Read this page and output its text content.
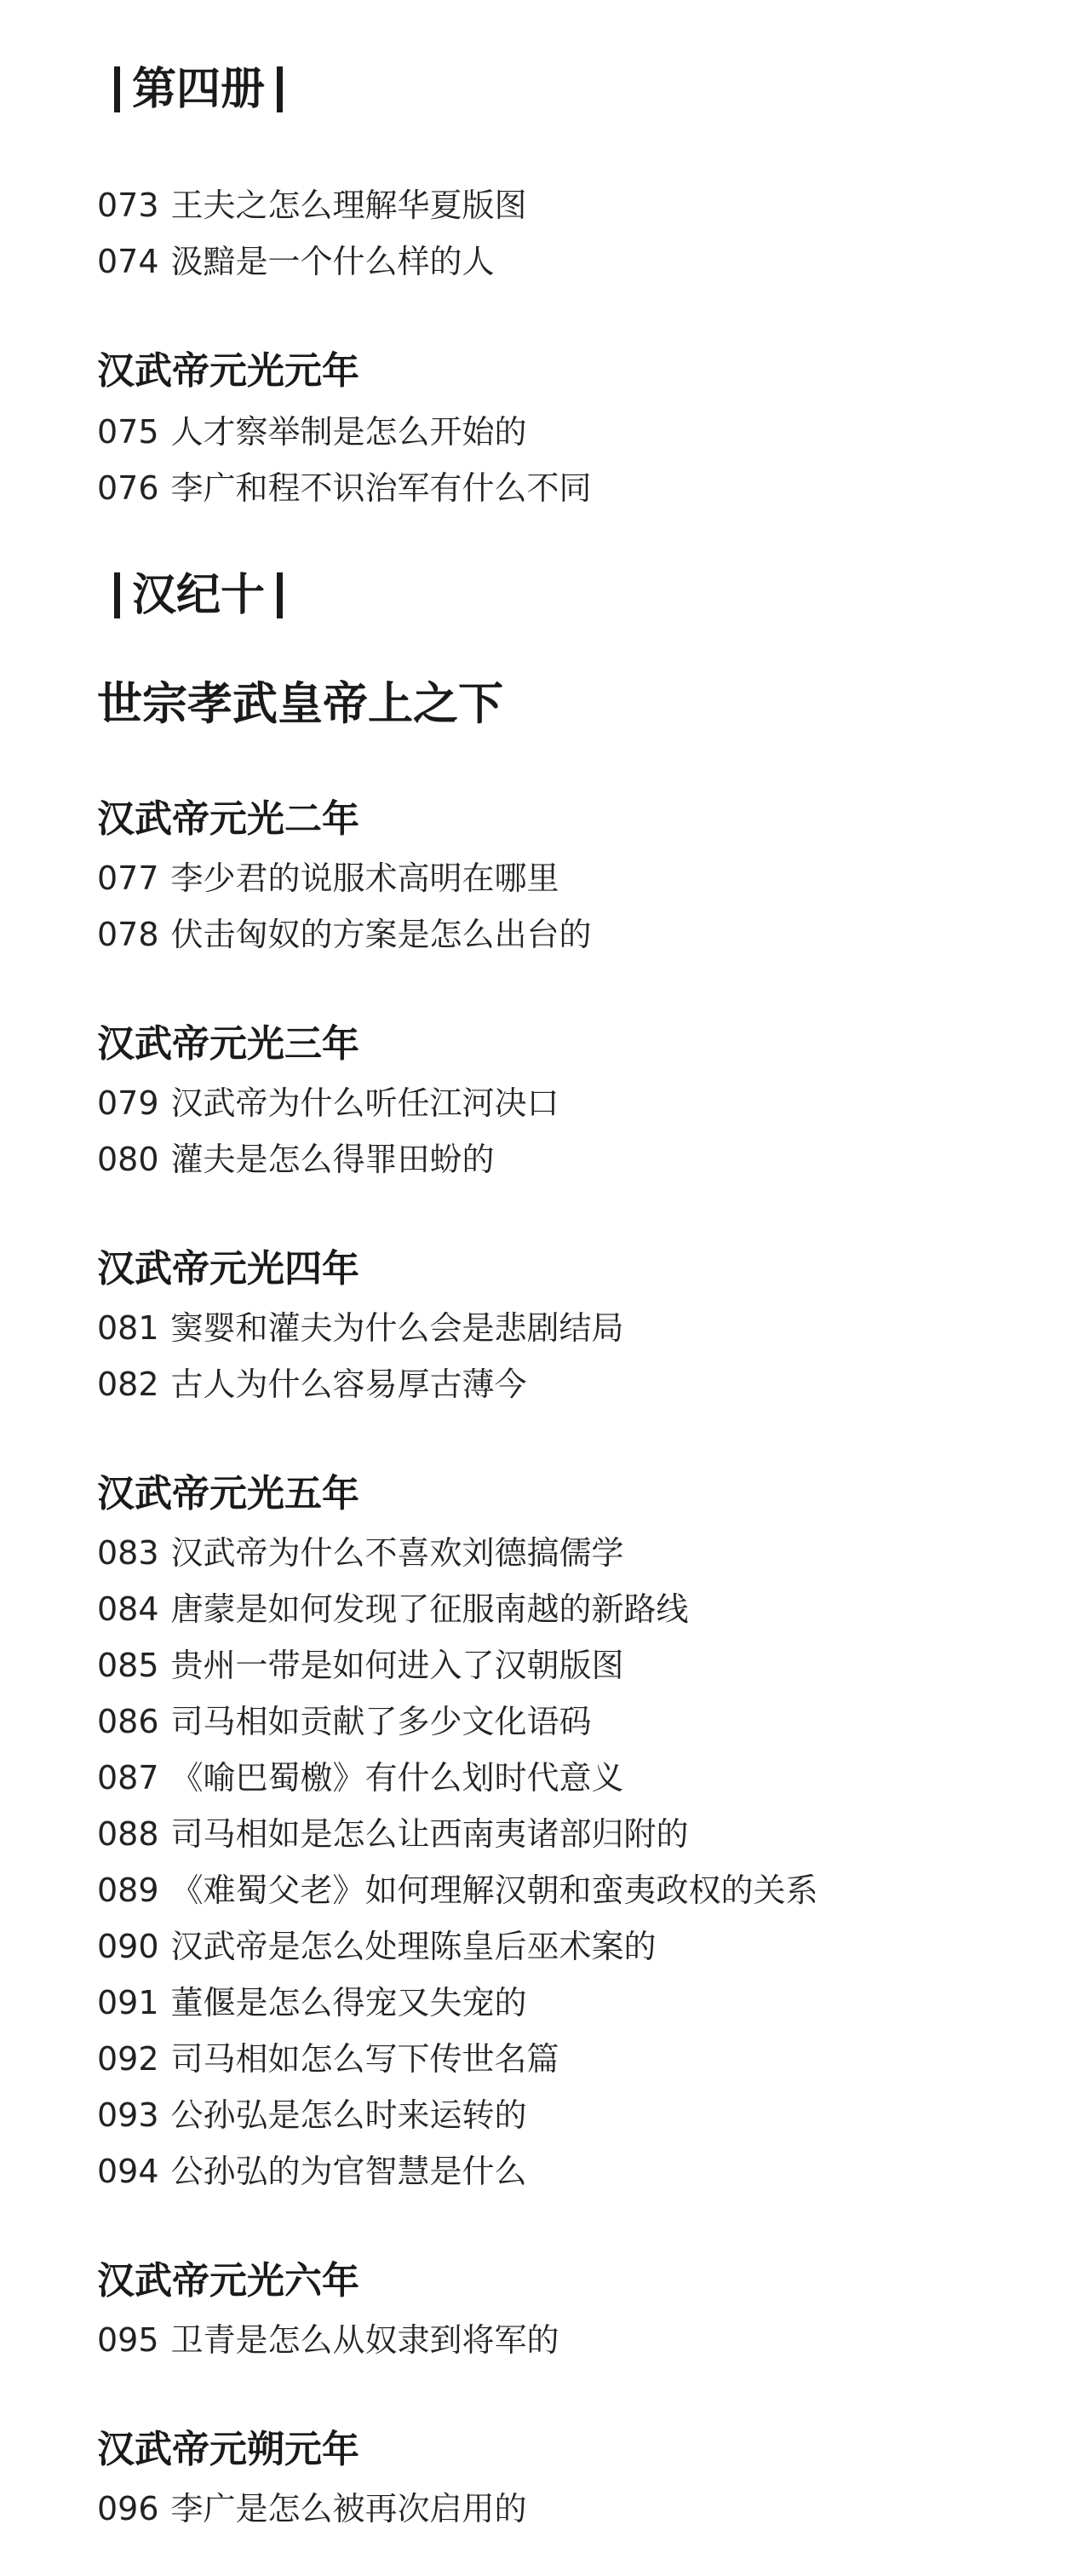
第四册
073 王夫之怎么理解华夏版图
074 汲黯是一个什么样的人
汉武帝元光元年
075 人才察举制是怎么开始的
076 李广和程不识治军有什么不同
汉纪十
世宗孝武皇帝上之下
汉武帝元光二年
077 李少君的说服术高明在哪里
078 伏击匈奴的方案是怎么出台的
汉武帝元光三年
079 汉武帝为什么听任江河决口
080 灌夫是怎么得罪田蚡的
汉武帝元光四年
081 窦婴和灌夫为什么会是悲剧结局
082 古人为什么容易厚古薄今
汉武帝元光五年
083 汉武帝为什么不喜欢刘德搞儒学
084 唐蒙是如何发现了征服南越的新路线
085 贵州一带是如何进入了汉朝版图
086 司马相如贡献了多少文化语码
087 《喻巴蜀檄》有什么划时代意义
088 司马相如是怎么让西南夷诸部归附的
089 《难蜀父老》如何理解汉朝和蛮夷政权的关系
090 汉武帝是怎么处理陈皇后巫术案的
091 董偃是怎么得宠又失宠的
092 司马相如怎么写下传世名篇
093 公孙弘是怎么时来运转的
094 公孙弘的为官智慧是什么
汉武帝元光六年
095 卫青是怎么从奴隶到将军的
汉武帝元朔元年
096 李广是怎么被再次启用的
